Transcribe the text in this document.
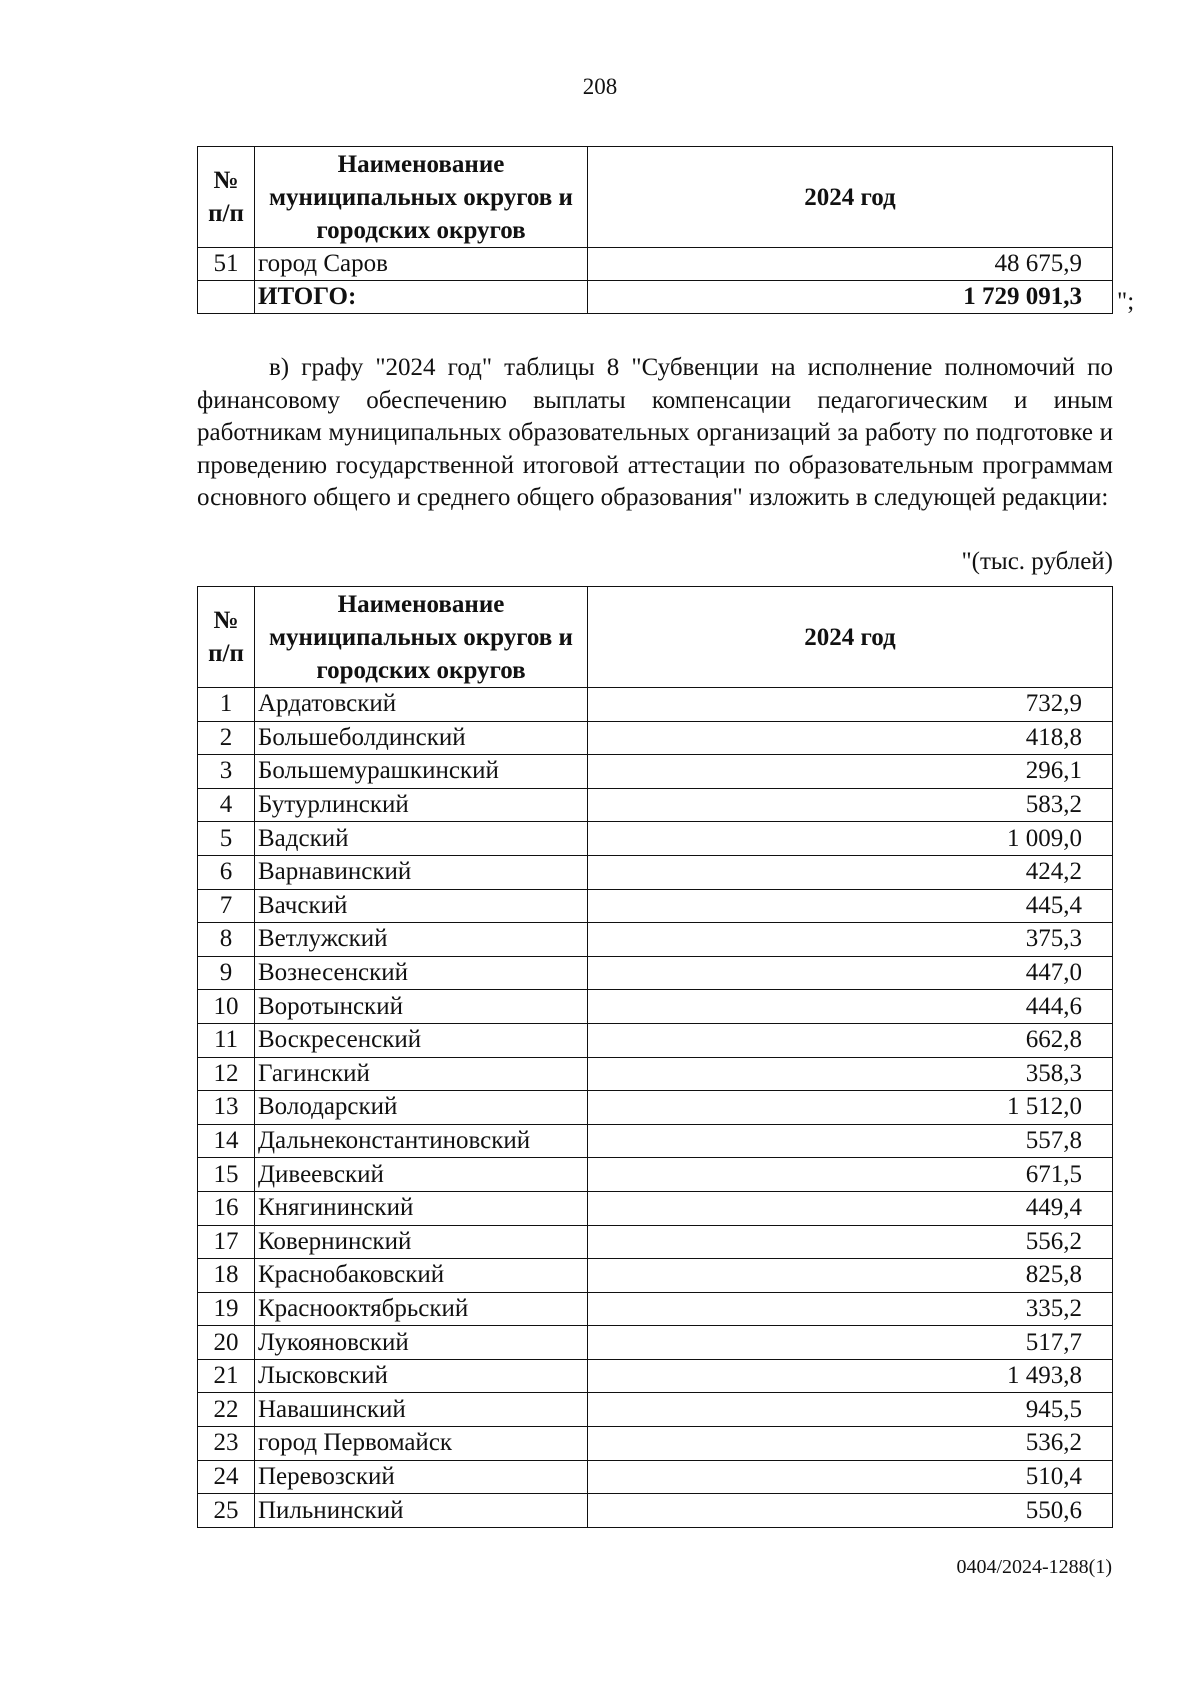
208
№ п/п	Наименование муниципальных округов и городских округов	2024 год
51	город Саров	48 675,9
	ИТОГО:	1 729 091,3 ";
в) графу "2024 год" таблицы 8 "Субвенции на исполнение полномочий по финансовому обеспечению выплаты компенсации педагогическим и иным работникам муниципальных образовательных организаций за работу по подготовке и проведению государственной итоговой аттестации по образовательным программам основного общего и среднего общего образования" изложить в следующей редакции:
"(тыс. рублей)
№ п/п	Наименование муниципальных округов и городских округов	2024 год
1	Ардатовский	732,9
2	Большеболдинский	418,8
3	Большемурашкинский	296,1
4	Бутурлинский	583,2
5	Вадский	1 009,0
6	Варнавинский	424,2
7	Вачский	445,4
8	Ветлужский	375,3
9	Вознесенский	447,0
10	Воротынский	444,6
11	Воскресенский	662,8
12	Гагинский	358,3
13	Володарский	1 512,0
14	Дальнеконстантиновский	557,8
15	Дивеевский	671,5
16	Княгининский	449,4
17	Ковернинский	556,2
18	Краснобаковский	825,8
19	Краснооктябрьский	335,2
20	Лукояновский	517,7
21	Лысковский	1 493,8
22	Навашинский	945,5
23	город Первомайск	536,2
24	Перевозский	510,4
25	Пильнинский	550,6
0404/2024-1288(1)
